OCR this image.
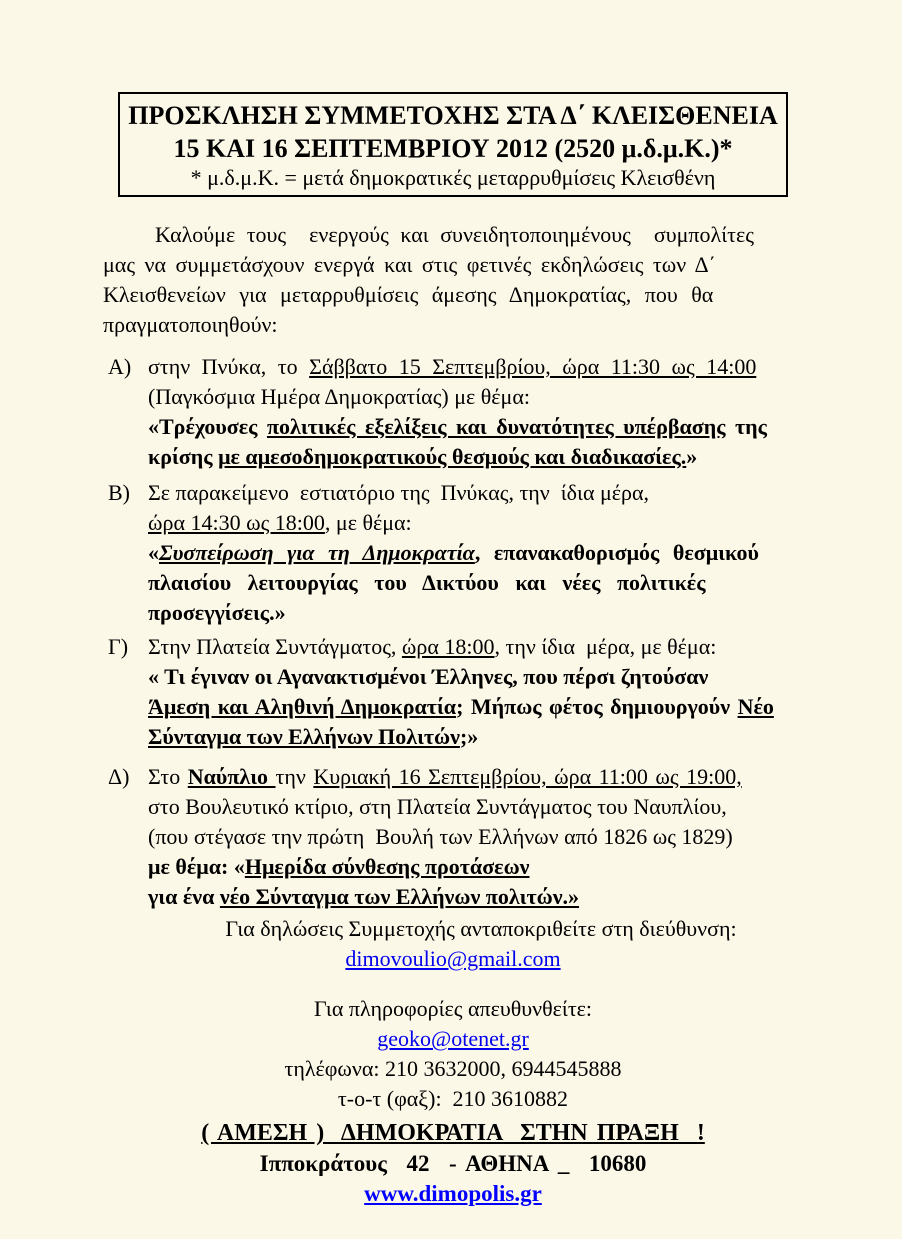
ΠΡΟΣΚΛΗΣΗ ΣΥΜΜΕΤΟΧΗΣ ΣΤΑ Δ΄ ΚΛΕΙΣΘΕΝΕΙΑ
15 ΚΑΙ 16 ΣΕΠΤΕΜΒΡΙΟΥ 2012 (2520 μ.δ.μ.Κ.)*
* μ.δ.μ.Κ. = μετά δημοκρατικές μεταρρυθμίσεις Κλεισθένη
Καλούμε τους  ενεργούς και συνειδητοποιημένους  συμπολίτες
μας να συμμετάσχουν ενεργά και στις φετινές εκδηλώσεις των Δ΄
Κλεισθενείων για μεταρρυθμίσεις άμεσης Δημοκρατίας, που θα
πραγματοποιηθούν:
Α) στην Πνύκα, το Σάββατο 15 Σεπτεμβρίου, ώρα 11:30 ως 14:00
(Παγκόσμια Ημέρα Δημοκρατίας) με θέμα:
«Τρέχουσες πολιτικές εξελίξεις και δυνατότητες υπέρβασης της
κρίσης με αμεσοδημοκρατικούς θεσμούς και διαδικασίες.»
Β) Σε παρακείμενο  εστιατόριο της  Πνύκας, την  ίδια μέρα,
ώρα 14:30 ως 18:00, με θέμα:
«Συσπείρωση για τη Δημοκρατία, επανακαθορισμός θεσμικού
πλαισίου λειτουργίας του Δικτύου και νέες πολιτικές
προσεγγίσεις.»
Γ) Στην Πλατεία Συντάγματος, ώρα 18:00, την ίδια  μέρα, με θέμα:
« Τι έγιναν οι Αγανακτισμένοι Έλληνες, που πέρσι ζητούσαν
Άμεση και Αληθινή Δημοκρατία; Μήπως φέτος δημιουργούν Νέο
Σύνταγμα των Ελλήνων Πολιτών;»
Δ) Στο Ναύπλιο την Κυριακή 16 Σεπτεμβρίου, ώρα 11:00 ως 19:00,
στο Βουλευτικό κτίριο, στη Πλατεία Συντάγματος του Ναυπλίου,
(που στέγασε την πρώτη  Βουλή των Ελλήνων από 1826 ως 1829)
με θέμα: «Ημερίδα σύνθεσης προτάσεων
για ένα νέο Σύνταγμα των Ελλήνων πολιτών.»
Για δηλώσεις Συμμετοχής ανταποκριθείτε στη διεύθυνση:
dimovoulio@gmail.com
Για πληροφορίες απευθυνθείτε:
geoko@otenet.gr
τηλέφωνα: 210 3632000, 6944545888
τ-ο-τ (φαξ):  210 3610882
( ΑΜΕΣΗ )  ΔΗΜΟΚΡΑΤΙΑ  ΣΤΗΝ ΠΡΑΞΗ  !
Ιπποκράτους  42  - ΑΘΗΝΑ _  10680
www.dimopolis.gr
